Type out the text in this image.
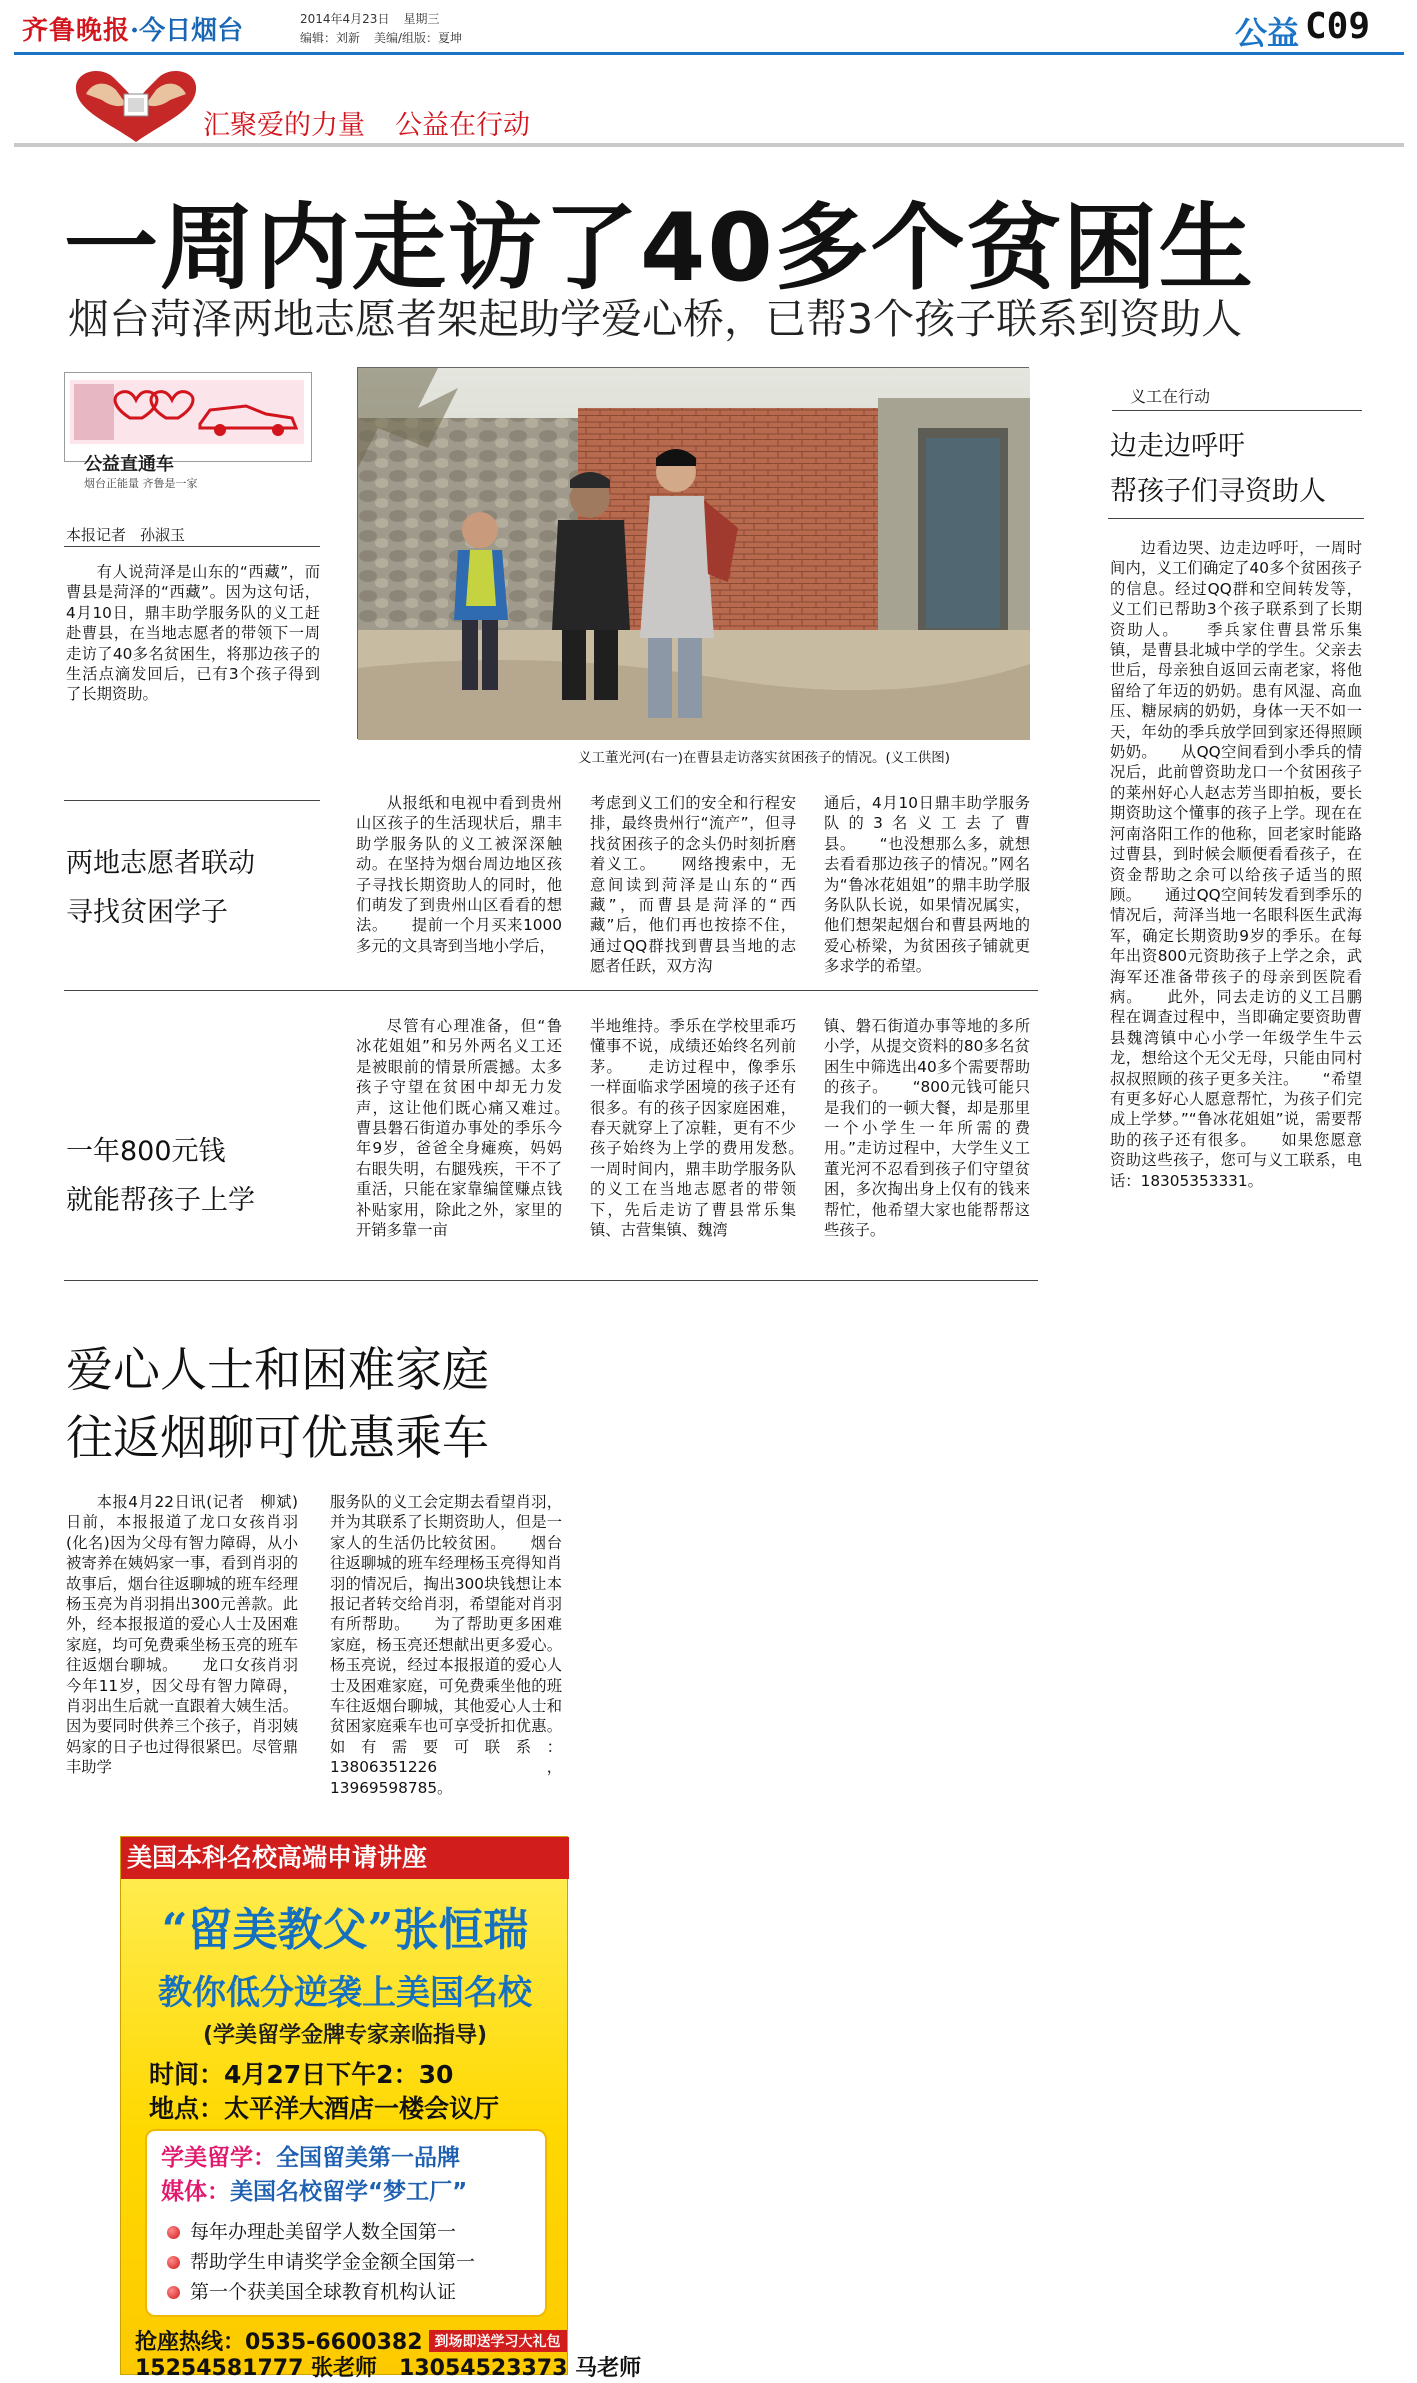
齐鲁晚报·今日烟台	2014年4月23日 星期三
编辑：刘新 美编/组版：夏坤	公益 C09
汇聚爱的力量 公益在行动
一周内走访了40多个贫困生
烟台菏泽两地志愿者架起助学爱心桥，已帮3个孩子联系到资助人
公益直通车
烟台正能量 齐鲁是一家
本报记者 孙淑玉

有人说菏泽是山东的“西藏”，而曹县是菏泽的“西藏”。因为这句话，4月10日，鼎丰助学服务队的义工赶赴曹县，在当地志愿者的带领下一周走访了40多名贫困生，将那边孩子的生活点滴发回后，已有3个孩子得到了长期资助。

两地志愿者联动
寻找贫困学子
一年800元钱
就能帮孩子上学
义工董光河(右一)在曹县走访落实贫困孩子的情况。(义工供图)

从报纸和电视中看到贵州山区孩子的生活现状后，鼎丰助学服务队的义工被深深触动。在坚持为烟台周边地区孩子寻找长期资助人的同时，他们萌发了到贵州山区看看的想法。　　提前一个月买来1000多元的文具寄到当地小学后，

考虑到义工们的安全和行程安排，最终贵州行“流产”，但寻找贫困孩子的念头仍时刻折磨着义工。　　网络搜索中，无意间读到菏泽是山东的“西藏”，而曹县是菏泽的“西藏”后，他们再也按捺不住，通过QQ群找到曹县当地的志愿者任跃，双方沟

通后，4月10日鼎丰助学服务队的3名义工去了曹县。　　“也没想那么多，就想去看看那边孩子的情况。”网名为“鲁冰花姐姐”的鼎丰助学服务队队长说，如果情况属实，他们想架起烟台和曹县两地的爱心桥梁，为贫困孩子铺就更多求学的希望。

尽管有心理准备，但“鲁冰花姐姐”和另外两名义工还是被眼前的情景所震撼。太多孩子守望在贫困中却无力发声，这让他们既心痛又难过。　　曹县磐石街道办事处的季乐今年9岁，爸爸全身瘫痪，妈妈右眼失明，右腿残疾，干不了重活，只能在家靠编筐赚点钱补贴家用，除此之外，家里的开销多靠一亩

半地维持。季乐在学校里乖巧懂事不说，成绩还始终名列前茅。　　走访过程中，像季乐一样面临求学困境的孩子还有很多。有的孩子因家庭困难，春天就穿上了凉鞋，更有不少孩子始终为上学的费用发愁。　　一周时间内，鼎丰助学服务队的义工在当地志愿者的带领下，先后走访了曹县常乐集镇、古营集镇、魏湾

镇、磐石街道办事等地的多所小学，从提交资料的80多名贫困生中筛选出40多个需要帮助的孩子。　　“800元钱可能只是我们的一顿大餐，却是那里一个小学生一年所需的费用。”走访过程中，大学生义工董光河不忍看到孩子们守望贫困，多次掏出身上仅有的钱来帮忙，他希望大家也能帮帮这些孩子。

义工在行动
边走边呼吁
帮孩子们寻资助人

边看边哭、边走边呼吁，一周时间内，义工们确定了40多个贫困孩子的信息。经过QQ群和空间转发等，义工们已帮助3个孩子联系到了长期资助人。　　季兵家住曹县常乐集镇，是曹县北城中学的学生。父亲去世后，母亲独自返回云南老家，将他留给了年迈的奶奶。患有风湿、高血压、糖尿病的奶奶，身体一天不如一天，年幼的季兵放学回到家还得照顾奶奶。　　从QQ空间看到小季兵的情况后，此前曾资助龙口一个贫困孩子的莱州好心人赵志芳当即拍板，要长期资助这个懂事的孩子上学。现在在河南洛阳工作的他称，回老家时能路过曹县，到时候会顺便看看孩子，在资金帮助之余可以给孩子适当的照顾。　　通过QQ空间转发看到季乐的情况后，菏泽当地一名眼科医生武海军，确定长期资助9岁的季乐。在每年出资800元资助孩子上学之余，武海军还准备带孩子的母亲到医院看病。　　此外，同去走访的义工吕鹏程在调查过程中，当即确定要资助曹县魏湾镇中心小学一年级学生牛云龙，想给这个无父无母，只能由同村叔叔照顾的孩子更多关注。　　“希望有更多好心人愿意帮忙，为孩子们完成上学梦。”“鲁冰花姐姐”说，需要帮助的孩子还有很多。　　如果您愿意资助这些孩子，您可与义工联系，电话：18305353331。

爱心人士和困难家庭
往返烟聊可优惠乘车

本报4月22日讯(记者　柳斌)　日前，本报报道了龙口女孩肖羽(化名)因为父母有智力障碍，从小被寄养在姨妈家一事，看到肖羽的故事后，烟台往返聊城的班车经理杨玉亮为肖羽捐出300元善款。此外，经本报报道的爱心人士及困难家庭，均可免费乘坐杨玉亮的班车往返烟台聊城。　　龙口女孩肖羽今年11岁，因父母有智力障碍，肖羽出生后就一直跟着大姨生活。因为要同时供养三个孩子，肖羽姨妈家的日子也过得很紧巴。尽管鼎丰助学

服务队的义工会定期去看望肖羽，并为其联系了长期资助人，但是一家人的生活仍比较贫困。　　烟台往返聊城的班车经理杨玉亮得知肖羽的情况后，掏出300块钱想让本报记者转交给肖羽，希望能对肖羽有所帮助。　　为了帮助更多困难家庭，杨玉亮还想献出更多爱心。杨玉亮说，经过本报报道的爱心人士及困难家庭，可免费乘坐他的班车往返烟台聊城，其他爱心人士和贫困家庭乘车也可享受折扣优惠。如有需要可联系：13806351226，13969598785。

美国本科名校高端申请讲座
“留美教父”张恒瑞
教你低分逆袭上美国名校
(学美留学金牌专家亲临指导)
时间：4月27日下午2：30
地点：太平洋大酒店一楼会议厅
学美留学：全国留美第一品牌
媒体：美国名校留学“梦工厂”
每年办理赴美留学人数全国第一
帮助学生申请奖学金金额全国第一
第一个获美国全球教育机构认证
抢座热线：0535-6600382 到场即送学习大礼包
15254581777 张老师　13054523373 马老师
